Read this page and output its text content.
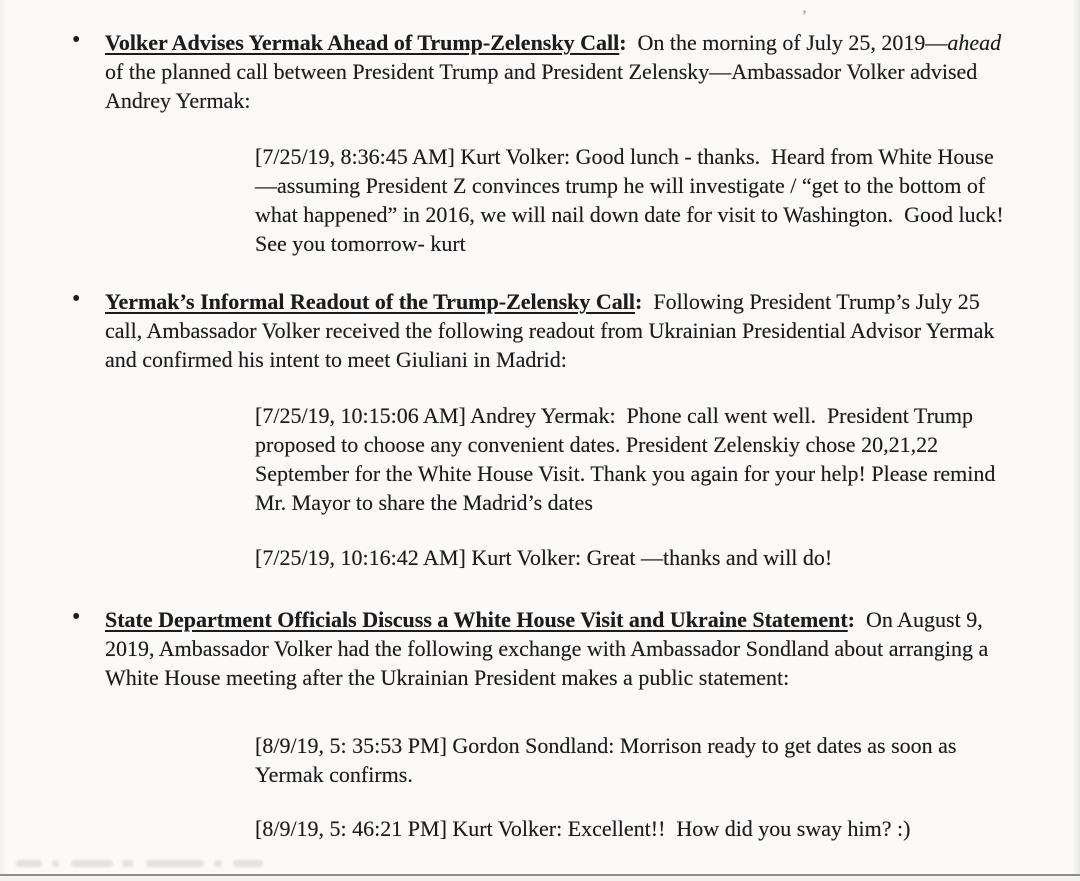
’
• Volker Advises Yermak Ahead of Trump-Zelensky Call:  On the morning of July 25, 2019—ahead of the planned call between President Trump and President Zelensky—Ambassador Volker advised Andrey Yermak:

[7/25/19, 8:36:45 AM] Kurt Volker: Good lunch - thanks.  Heard from White House—assuming President Z convinces trump he will investigate / “get to the bottom of what happened” in 2016, we will nail down date for visit to Washington.  Good luck! See you tomorrow- kurt

• Yermak’s Informal Readout of the Trump-Zelensky Call:  Following President Trump’s July 25 call, Ambassador Volker received the following readout from Ukrainian Presidential Advisor Yermak and confirmed his intent to meet Giuliani in Madrid:

[7/25/19, 10:15:06 AM] Andrey Yermak:  Phone call went well.  President Trump proposed to choose any convenient dates. President Zelenskiy chose 20,21,22 September for the White House Visit. Thank you again for your help! Please remind Mr. Mayor to share the Madrid’s dates

[7/25/19, 10:16:42 AM] Kurt Volker: Great —thanks and will do!

• State Department Officials Discuss a White House Visit and Ukraine Statement:  On August 9, 2019, Ambassador Volker had the following exchange with Ambassador Sondland about arranging a White House meeting after the Ukrainian President makes a public statement:

[8/9/19, 5: 35:53 PM] Gordon Sondland: Morrison ready to get dates as soon as Yermak confirms.

[8/9/19, 5: 46:21 PM] Kurt Volker: Excellent!!  How did you sway him? :)
